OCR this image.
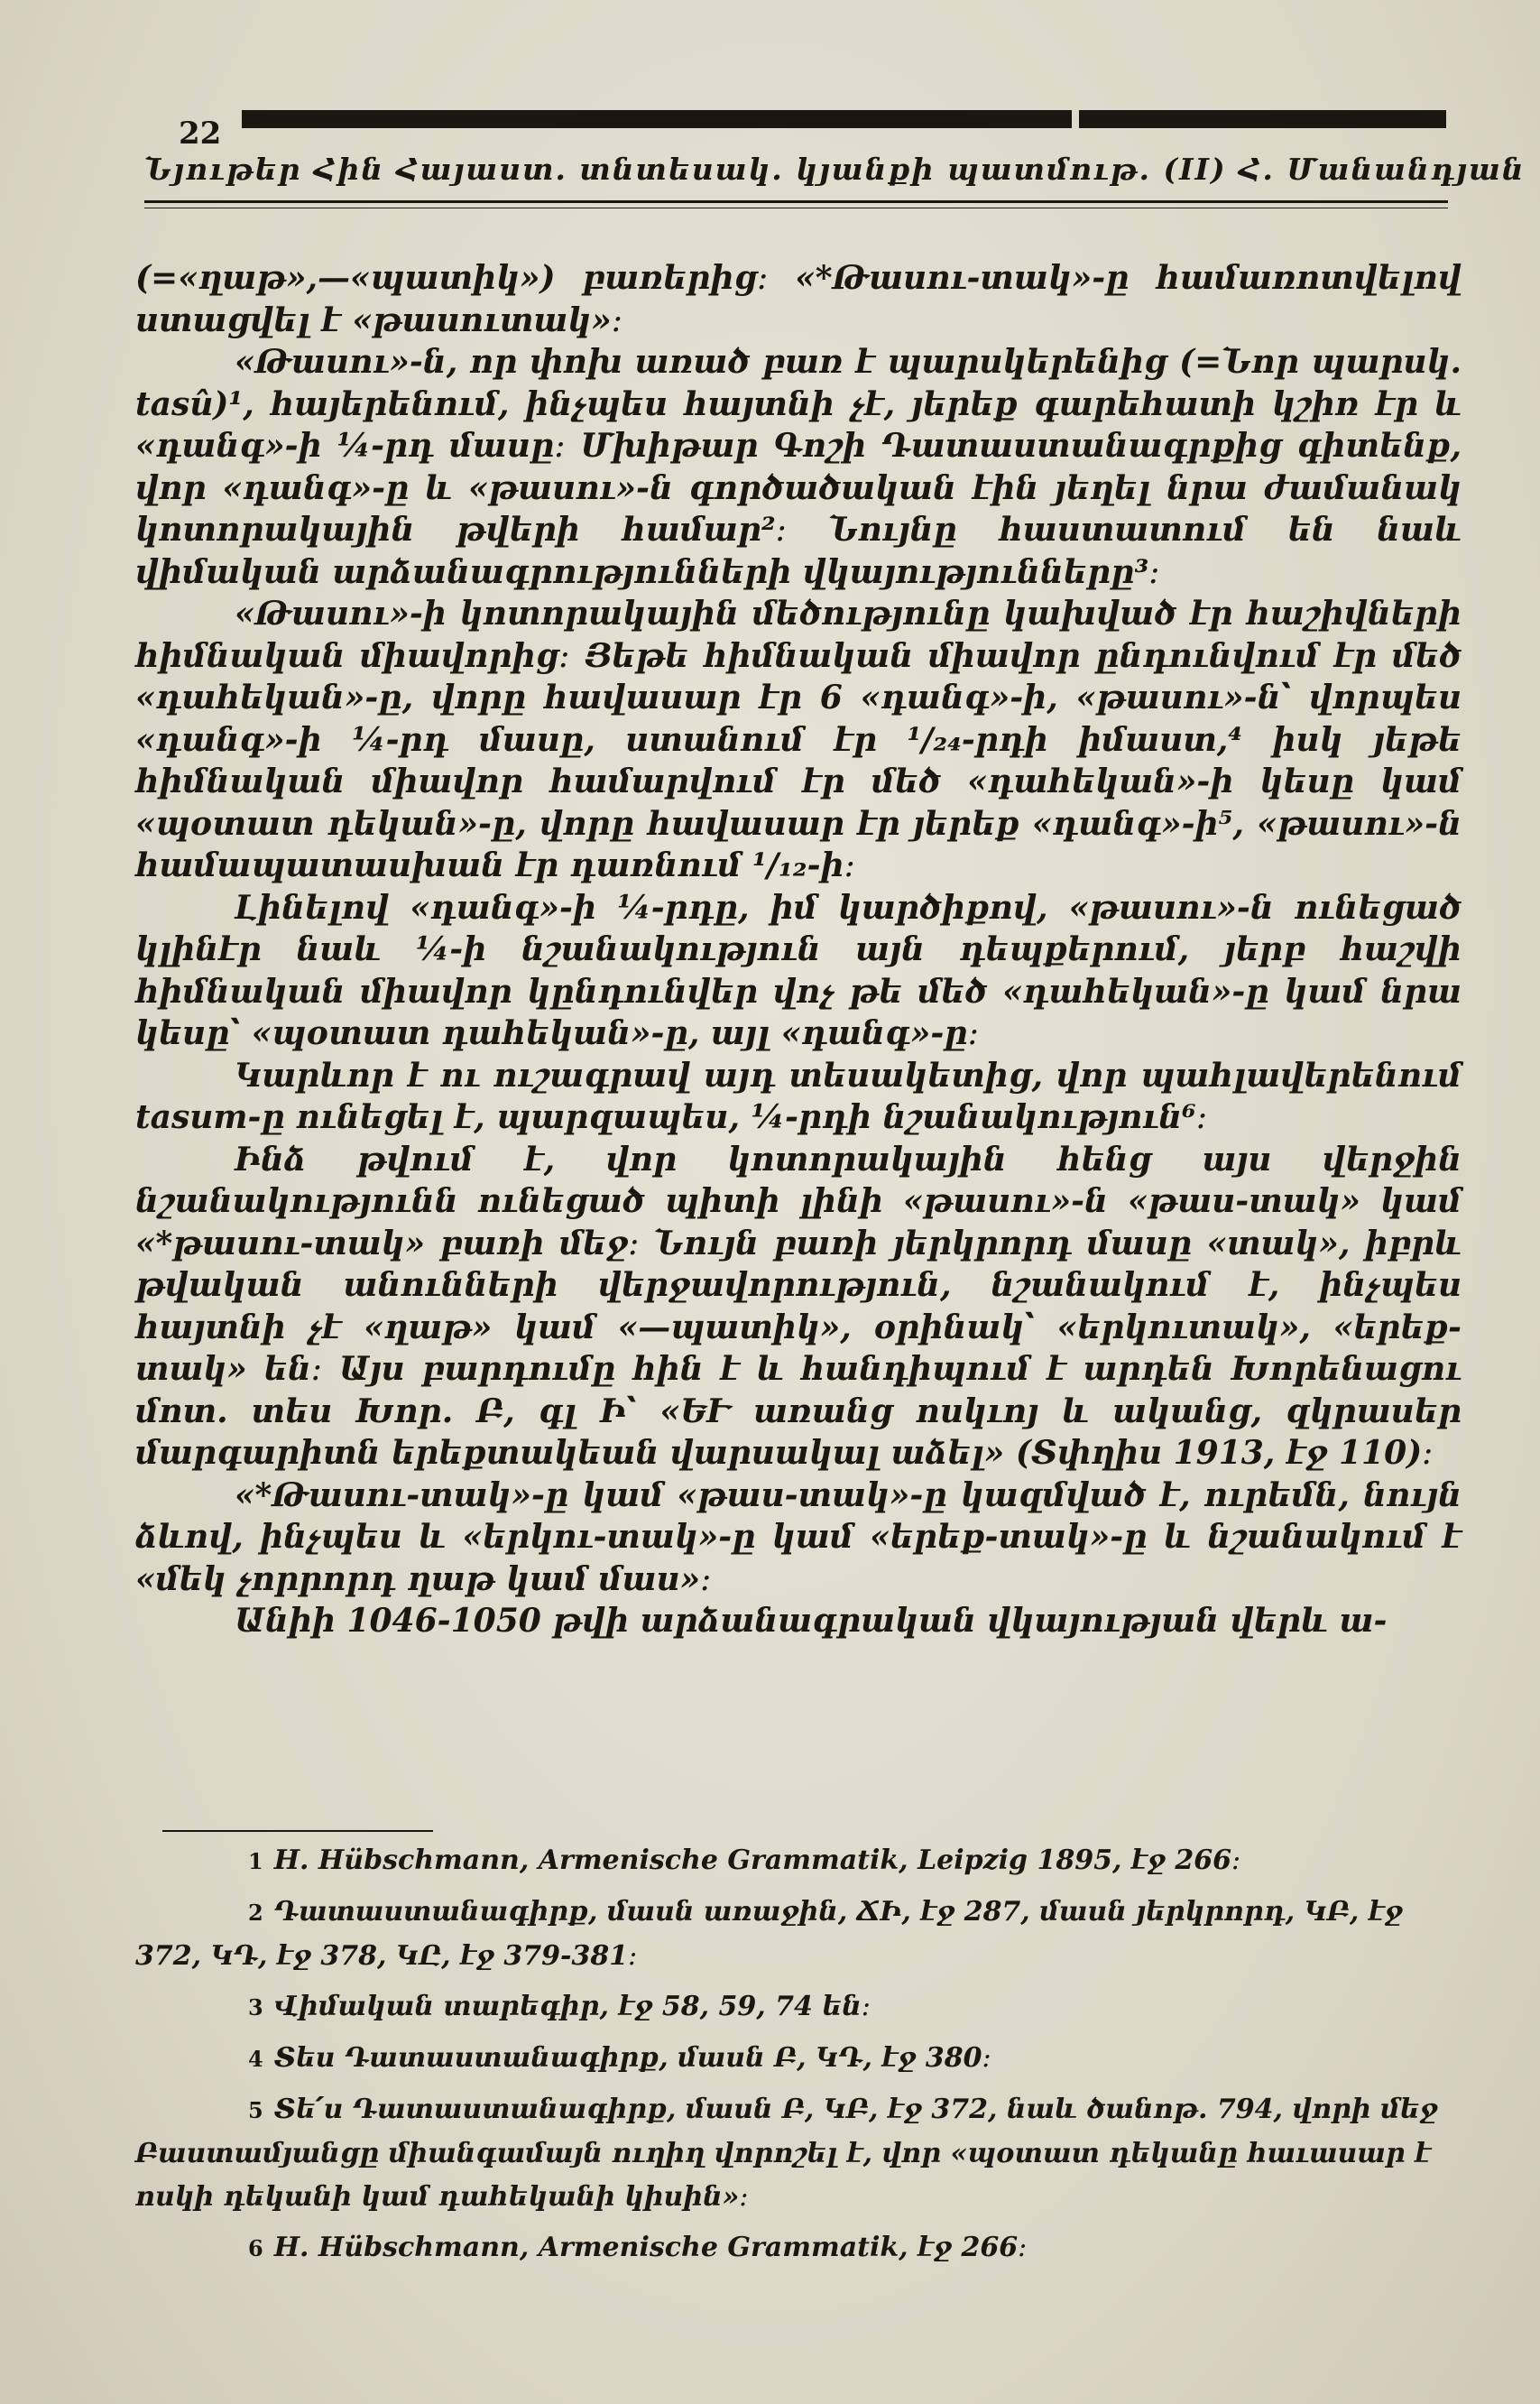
22
Նյութեր Հին Հայաստ. տնտեսակ. կյանքի պատմութ. (II) Հ. Մանանդյան

(=«ղաթ»,—«պատիկ») բառերից։ «*Թասու-տակ»-ը համառոտվելով ստացվել է «թասուտակ»։

«Թասու»-ն, որ փոխ առած բառ է պարսկերենից (=Նոր պարսկ. tasû)¹, հայերենում, ինչպես հայտնի չէ, յերեք գարեհատի կշիռ էր և «դանգ»-ի ¼-րդ մասը։ Մխիթար Գոշի Դատաստանագրքից գիտենք, վոր «դանգ»-ը և «թասու»-ն գործածական էին յեղել նրա ժամանակ կոտորակային թվերի համար²։ Նույնը հաստատում են նաև վիմական արձանագրությունների վկայությունները³։

«Թասու»-ի կոտորակային մեծությունը կախված էր հաշիվների հիմնական միավորից։ Յեթե հիմնական միավոր ընդունվում էր մեծ «դահեկան»-ը, վորը հավասար էր 6 «դանգ»-ի, «թասու»-ն՝ վորպես «դանգ»-ի ¼-րդ մասը, ստանում էր ¹/₂₄-րդի իմաստ,⁴ իսկ յեթե հիմնական միավոր համարվում էր մեծ «դահեկան»-ի կեսը կամ «պօտատ դեկան»-ը, վորը հավասար էր յերեք «դանգ»-ի⁵, «թասու»-ն համապատասխան էր դառնում ¹/₁₂-ի։

Լինելով «դանգ»-ի ¼-րդը, իմ կարծիքով, «թասու»-ն ունեցած կլինէր նաև ¼-ի նշանակություն այն դեպքերում, յերբ հաշվի հիմնական միավոր կընդունվեր վոչ թե մեծ «դահեկան»-ը կամ նրա կեսը՝ «պօտատ դահեկան»-ը, այլ «դանգ»-ը։

Կարևոր է ու ուշագրավ այդ տեսակետից, վոր պահլավերենում tasum-ը ունեցել է, պարզապես, ¼-րդի նշանակություն⁶։

Ինձ թվում է, վոր կոտորակային հենց այս վերջին նշանակությունն ունեցած պիտի լինի «թասու»-ն «թաս-տակ» կամ «*թասու-տակ» բառի մեջ։ Նույն բառի յերկրորդ մասը «տակ», իբրև թվական անունների վերջավորություն, նշանակում է, ինչպես հայտնի չէ «ղաթ» կամ «—պատիկ», օրինակ՝ «երկուտակ», «երեք-տակ» են։ Այս բարդումը հին է և հանդիպում է արդեն Խորենացու մոտ. տես Խոր. Բ, գլ Ի՝ «ԵՒ առանց ոսկւոյ և ականց, զկրասեր մարգարիտն երեքտակեան վարսակալ աձել» (Տփղիս 1913, էջ 110)։

«*Թասու-տակ»-ը կամ «թաս-տակ»-ը կազմված է, ուրեմն, նույն ձևով, ինչպես և «երկու-տակ»-ը կամ «երեք-տակ»-ը և նշանակում է «մեկ չորրորդ ղաթ կամ մաս»։

Անիի 1046-1050 թվի արձանագրական վկայության վերև ա-

1 H. Hübschmann, Armenische Grammatik, Leipzig 1895, էջ 266։

2 Դատաստանագիրք, մասն առաջին, ՃԻ, էջ 287, մասն յերկրորդ, ԿԲ, էջ 372, ԿԴ, էջ 378, ԿԸ, էջ 379-381։

3 Վիմական տարեգիր, էջ 58, 59, 74 են։

4 Տես Դատաստանագիրք, մասն Բ, ԿԴ, էջ 380։

5 Տե՛ս Դատաստանագիրք, մասն Բ, ԿԲ, էջ 372, նաև ծանոթ. 794, վորի մեջ Բաստամյանցը միանգամայն ուղիղ վորոշել է, վոր «պօտատ դեկանը հաւասար է ոսկի դեկանի կամ դահեկանի կիսին»։

6 H. Hübschmann, Armenische Grammatik, էջ 266։
